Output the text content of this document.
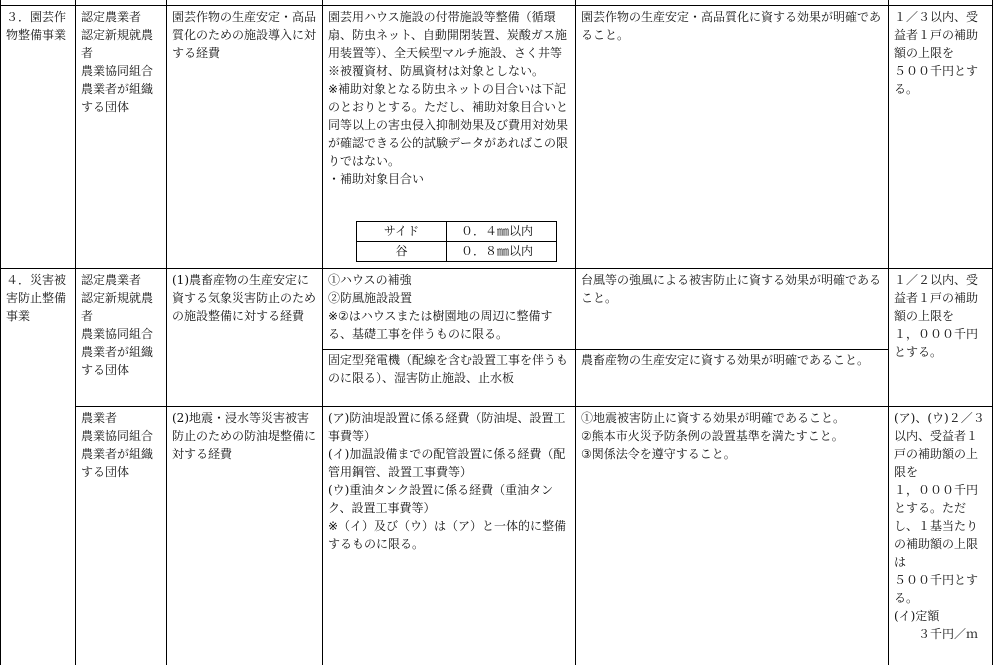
３．園芸作物整備事業
認定農業者
認定新規就農者
農業協同組合
農業者が組織する団体
園芸作物の生産安定・高品質化のための施設導入に対する経費
園芸用ハウス施設の付帯施設等整備（循環扇、防虫ネット、自動開閉装置、炭酸ガス施用装置等）、全天候型マルチ施設、さく井等
※被覆資材、防風資材は対象としない。
※補助対象となる防虫ネットの目合いは下記のとおりとする。ただし、補助対象目合いと同等以上の害虫侵入抑制効果及び費用対効果が確認できる公的試験データがあればこの限りではない。
・補助対象目合い
サイド	０．４㎜以内
谷	０．８㎜以内
園芸作物の生産安定・高品質化に資する効果が明確であること。
１／３以内、受益者１戸の補助額の上限を
５００千円とする。
４．災害被害防止整備事業
認定農業者
認定新規就農者
農業協同組合
農業者が組織する団体
(1)農畜産物の生産安定に資する気象災害防止のための施設整備に対する経費
①ハウスの補強
②防風施設設置
※②はハウスまたは樹園地の周辺に整備する、基礎工事を伴うものに限る。
台風等の強風による被害防止に資する効果が明確であること。
固定型発電機（配線を含む設置工事を伴うものに限る）、湿害防止施設、止水板
農畜産物の生産安定に資する効果が明確であること。
１／２以内、受益者１戸の補助額の上限を
１，０００千円とする。
農業者
農業協同組合
農業者が組織する団体
(2)地震・浸水等災害被害防止のための防油堤整備に対する経費
(ア)防油堤設置に係る経費（防油堤、設置工事費等）
(イ)加温設備までの配管設置に係る経費（配管用鋼管、設置工事費等）
(ウ)重油タンク設置に係る経費（重油タンク、設置工事費等）
※（イ）及び（ウ）は（ア）と一体的に整備するものに限る。
①地震被害防止に資する効果が明確であること。
②熊本市火災予防条例の設置基準を満たすこと。
③関係法令を遵守すること。
(ア)、(ウ)２／３以内、受益者１戸の補助額の上限を
１，０００千円とする。ただし、１基当たりの補助額の上限は
５００千円とする。
(イ)定額
　　３千円／ｍ
